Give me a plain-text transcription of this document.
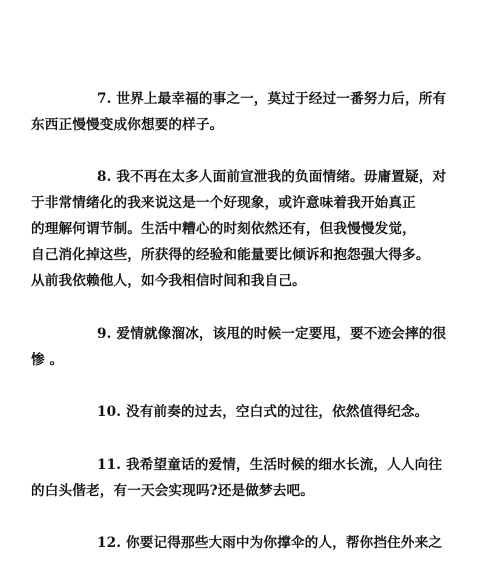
7. 世界上最幸福的事之一，莫过于经过一番努力后，所有
东西正慢慢变成你想要的样子。

8. 我不再在太多人面前宣泄我的负面情绪。毋庸置疑，对
于非常情绪化的我来说这是一个好现象，或许意味着我开始真正
的理解何谓节制。生活中糟心的时刻依然还有，但我慢慢发觉，
自己消化掉这些，所获得的经验和能量要比倾诉和抱怨强大得多。
从前我依赖他人，如今我相信时间和我自己。

9. 爱情就像溜冰，该甩的时候一定要甩，要不迹会摔的很
惨 。

10. 没有前奏的过去，空白式的过往，依然值得纪念。

11. 我希望童话的爱情，生活时候的细水长流，人人向往
的白头偕老，有一天会实现吗?还是做梦去吧。

12. 你要记得那些大雨中为你撑伞的人，帮你挡住外来之
